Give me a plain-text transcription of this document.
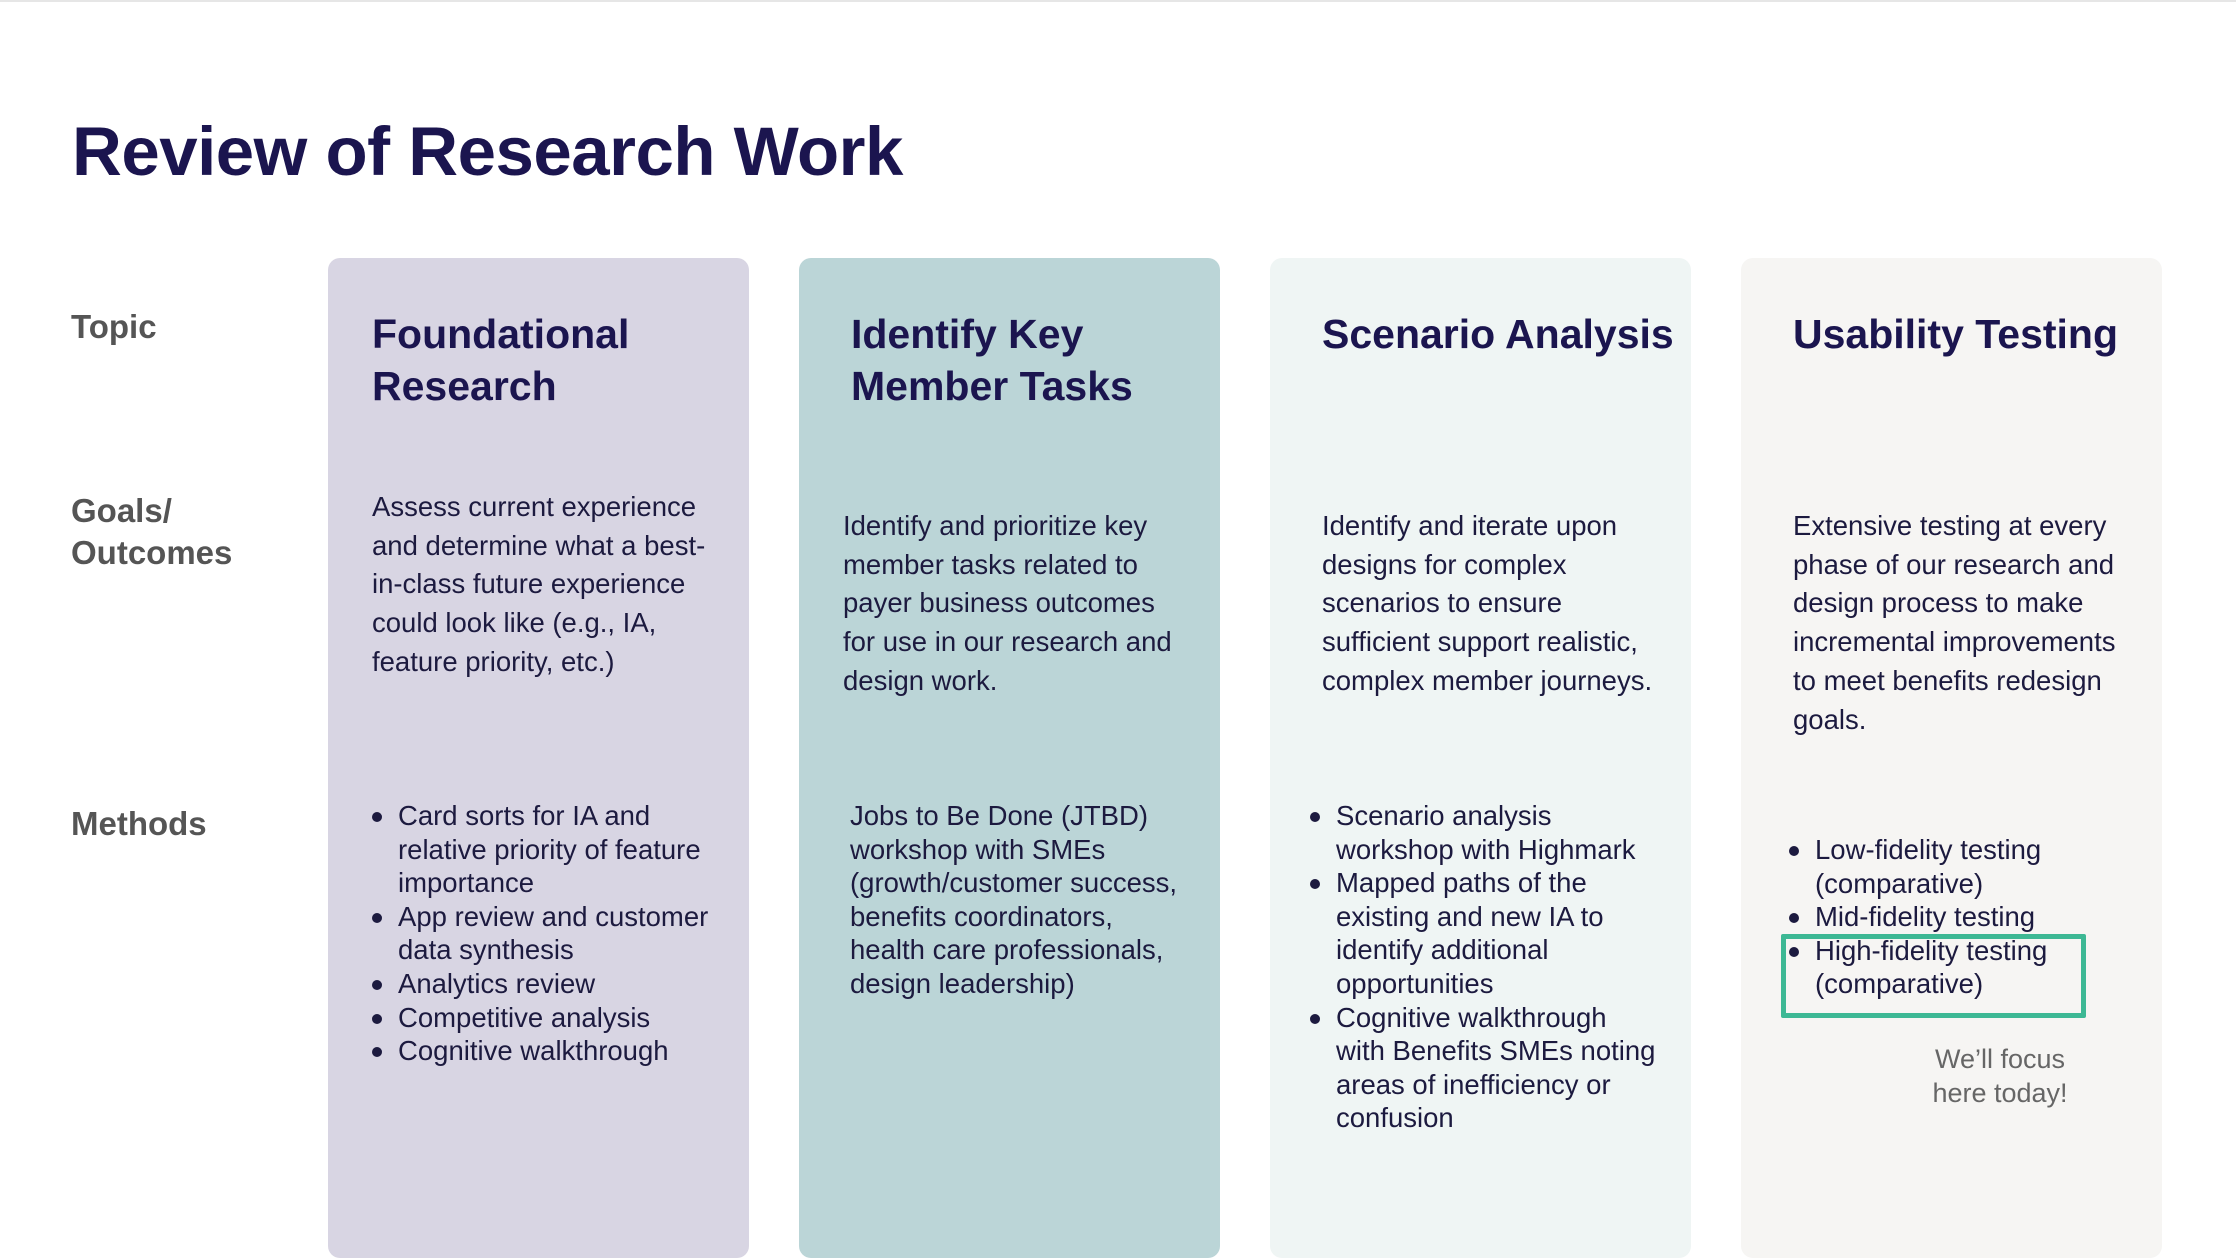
Review of Research Work
Topic
Goals/
Outcomes
Methods
Foundational Research

Assess current experience and determine what a best-in-class future experience could look like (e.g., IA, feature priority, etc.)

Card sorts for IA and relative priority of feature importance
App review and customer data synthesis
Analytics review
Competitive analysis
Cognitive walkthrough
Identify Key Member Tasks

Identify and prioritize key member tasks related to payer business outcomes for use in our research and design work.

Jobs to Be Done (JTBD) workshop with SMEs (growth/customer success, benefits coordinators, health care professionals, design leadership)

Scenario Analysis

Identify and iterate upon designs for complex scenarios to ensure sufficient support realistic, complex member journeys.

Scenario analysis workshop with Highmark
Mapped paths of the existing and new IA to identify additional opportunities
Cognitive walkthrough with Benefits SMEs noting areas of inefficiency or confusion
Usability Testing

Extensive testing at every phase of our research and design process to make incremental improvements to meet benefits redesign goals.

Low-fidelity testing (comparative)
Mid-fidelity testing
High-fidelity testing (comparative)

We’ll focus here today!
